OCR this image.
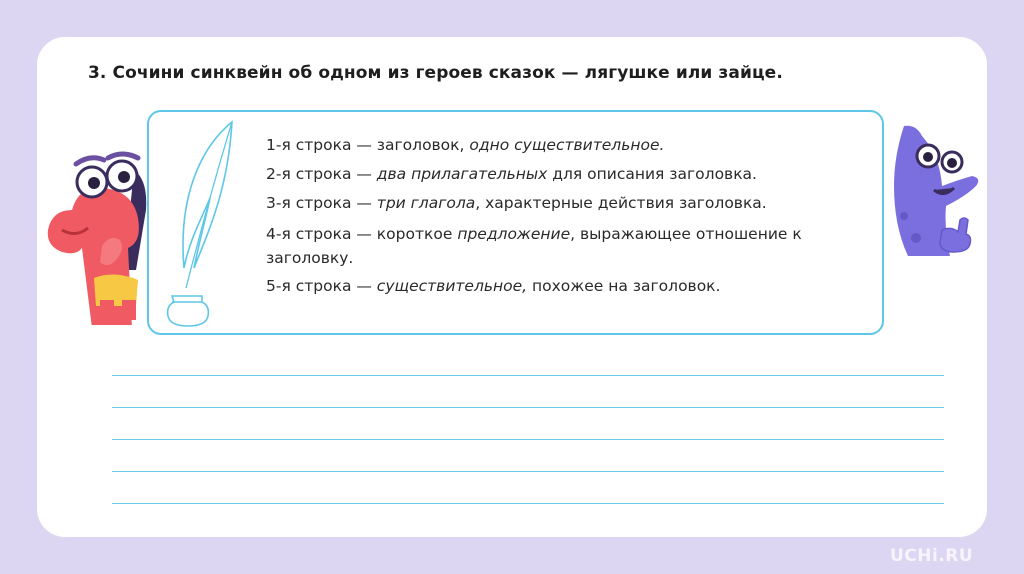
3. Сочини синквейн об одном из героев сказок — лягушке или зайце.
1-я строка — заголовок, одно существительное.
2-я строка — два прилагательных для описания заголовка.
3-я строка — три глагола, характерные действия заголовка.
4-я строка — короткое предложение, выражающее отношение к заголовку.
5-я строка — существительное, похожее на заголовок.
UCHi.RU
